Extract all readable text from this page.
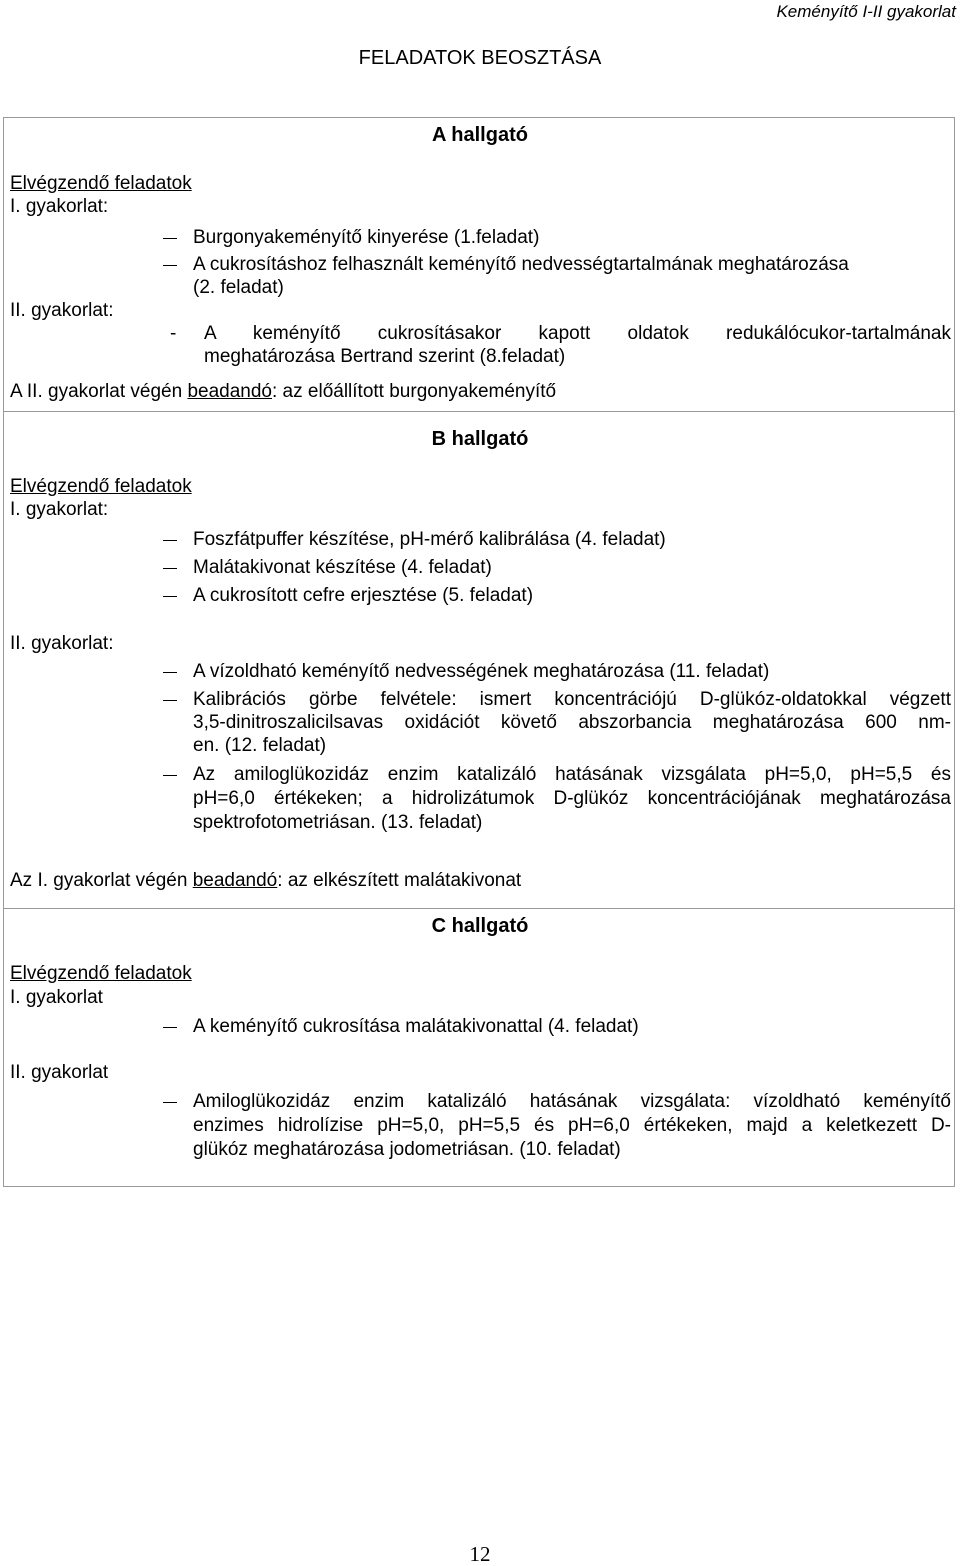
Keményítő I-II gyakorlat
FELADATOK BEOSZTÁSA
A hallgató
Elvégzendő feladatok
I. gyakorlat:
Burgonyakeményítő kinyerése (1.feladat)
A cukrosításhoz felhasznált keményítő nedvességtartalmának meghatározása
(2. feladat)
II. gyakorlat:
- A keményítő cukrosításakor kapott oldatok redukálócukor-tartalmának
meghatározása Bertrand szerint (8.feladat)
A II. gyakorlat végén beadandó: az előállított burgonyakeményítő
B hallgató
Elvégzendő feladatok
I. gyakorlat:
Foszfátpuffer készítése, pH-mérő kalibrálása (4. feladat)
Malátakivonat készítése (4. feladat)
A cukrosított cefre erjesztése (5. feladat)
II. gyakorlat:
A vízoldható keményítő nedvességének meghatározása (11. feladat)
Kalibrációs görbe felvétele: ismert koncentrációjú D-glükóz-oldatokkal végzett
3,5-dinitroszalicilsavas oxidációt követő abszorbancia meghatározása 600 nm-
en. (12. feladat)
Az amiloglükozidáz enzim katalizáló hatásának vizsgálata pH=5,0, pH=5,5 és
pH=6,0 értékeken; a hidrolizátumok D-glükóz koncentrációjának meghatározása
spektrofotometriásan. (13. feladat)
Az I. gyakorlat végén beadandó: az elkészített malátakivonat
C hallgató
Elvégzendő feladatok
I. gyakorlat
A keményítő cukrosítása malátakivonattal (4. feladat)
II. gyakorlat
Amiloglükozidáz enzim katalizáló hatásának vizsgálata: vízoldható keményítő
enzimes hidrolízise pH=5,0, pH=5,5 és pH=6,0 értékeken, majd a keletkezett D-
glükóz meghatározása jodometriásan. (10. feladat)
12
